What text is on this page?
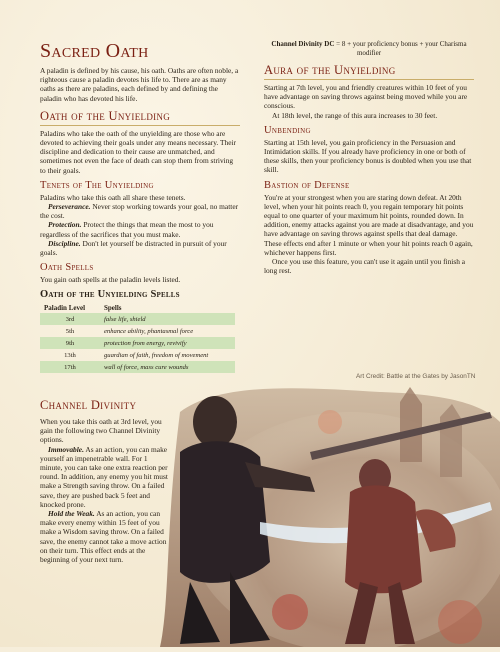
Sacred Oath

A paladin is defined by his cause, his oath. Oaths are often noble, a righteous cause a paladin devotes his life to. There are as many oaths as there are paladins, each defined by and defining the paladin who has devoted his life.

Oath of the Unyielding

Paladins who take the oath of the unyielding are those who are devoted to achieving their goals under any means necessary. Their discipline and dedication to their cause are unmatched, and sometimes not even the face of death can stop them from striving to their goals.

Tenets of The Unyielding

Paladins who take this oath all share these tenets.

Perseverance. Never stop working towards your goal, no matter the cost.

Protection. Protect the things that mean the most to you regardless of the sacrifices that you must make.

Discipline. Don't let yourself be distracted in pursuit of your goals.

Oath Spells

You gain oath spells at the paladin levels listed.

Oath of the Unyielding Spells
Paladin Level	Spells
3rd	false life, shield
5th	enhance ability, phantasmal force
9th	protection from energy, revivify
13th	guardian of faith, freedom of movement
17th	wall of force, mass cure wounds

Channel Divinity DC = 8 + your proficiency bonus + your Charisma modifier

Aura of the Unyielding

Starting at 7th level, you and friendly creatures within 10 feet of you have advantage on saving throws against being moved while you are conscious.

At 18th level, the range of this aura increases to 30 feet.

Unbending

Starting at 15th level, you gain proficiency in the Persuasion and Intimidation skills. If you already have proficiency in one or both of these skills, then your proficiency bonus is doubled when you use that skill.

Bastion of Defense

You're at your strongest when you are staring down defeat. At 20th level, when your hit points reach 0, you regain temporary hit points equal to one quarter of your maximum hit points, rounded down. In addition, enemy attacks against you are made at disadvantage, and you have advantage on saving throws against spells that deal damage. These effects end after 1 minute or when your hit points reach 0 again, whichever happens first.

Once you use this feature, you can't use it again until you finish a long rest.

Art Credit: Battle at the Gates by JasonTN
Channel Divinity

When you take this oath at 3rd level, you gain the following two Channel Divinity options.

Immovable. As an action, you can make yourself an impenetrable wall. For 1 minute, you can take one extra reaction per round. In addition, any enemy you hit must make a Strength saving throw. On a failed save, they are pushed back 5 feet and knocked prone.

Hold the Weak. As an action, you can make every enemy within 15 feet of you make a Wisdom saving throw. On a failed save, the enemy cannot take a move action on their turn. This effect ends at the beginning of your next turn.
